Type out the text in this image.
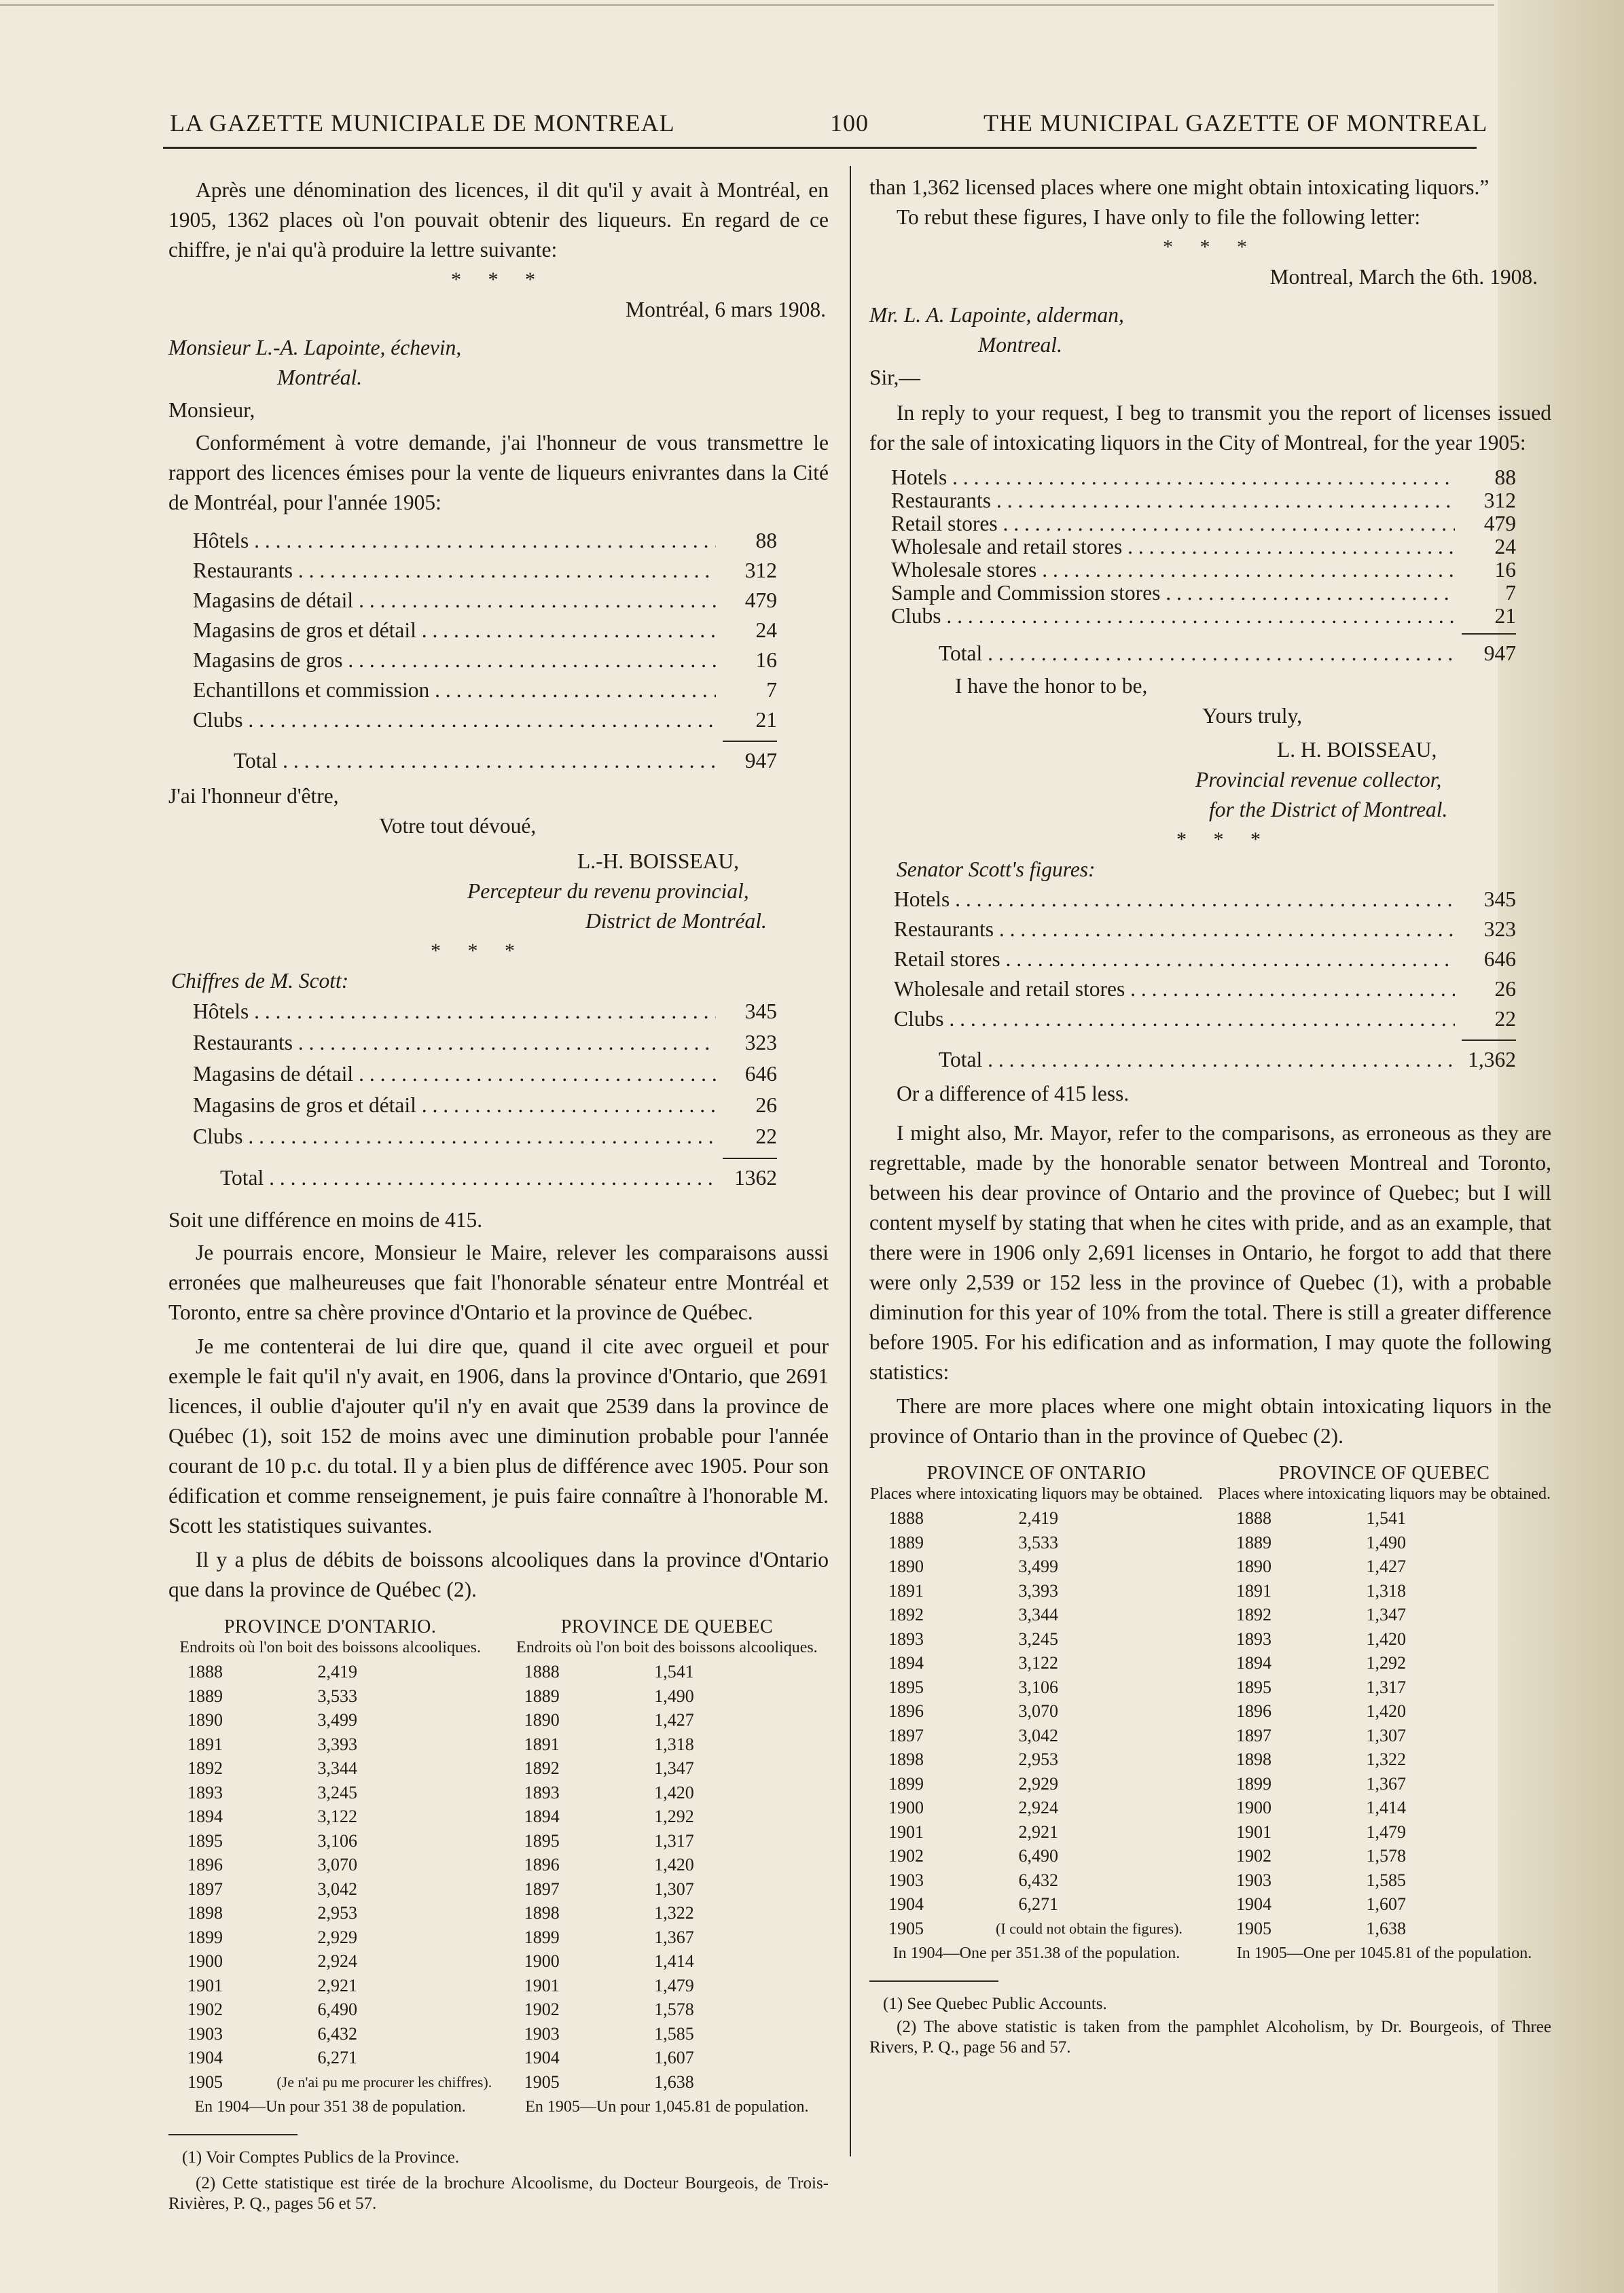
LA GAZETTE MUNICIPALE DE MONTREAL	100	THE MUNICIPAL GAZETTE OF MONTREAL

Après une dénomination des licences, il dit qu'il y avait à Montréal, en 1905, 1362 places où l'on pouvait obtenir des liqueurs. En regard de ce chiffre, je n'ai qu'à produire la lettre suivante:

* * *

Montréal, 6 mars 1908.

Monsieur L.-A. Lapointe, échevin,

Montréal.

Monsieur,

Conformément à votre demande, j'ai l'honneur de vous transmettre le rapport des licences émises pour la vente de liqueurs enivrantes dans la Cité de Montréal, pour l'année 1905:

Hôtels . . .	88
Restaurants . . .	312
Magasins de détail . . .	479
Magasins de gros et détail . . .	24
Magasins de gros . . .	16
Echantillons et commission . . .	7
Clubs . . .	21
Total . . .	947

J'ai l'honneur d'être,

Votre tout dévoué,

L.-H. BOISSEAU,

Percepteur du revenu provincial,

District de Montréal.

* * *

Chiffres de M. Scott:

Hôtels . . .	345
Restaurants . . .	323
Magasins de détail . . .	646
Magasins de gros et détail . . .	26
Clubs . . .	22
Total . . .	1362

Soit une différence en moins de 415.

Je pourrais encore, Monsieur le Maire, relever les comparaisons aussi erronées que malheureuses que fait l'honorable sénateur entre Montréal et Toronto, entre sa chère province d'Ontario et la province de Québec.

Je me contenterai de lui dire que, quand il cite avec orgueil et pour exemple le fait qu'il n'y avait, en 1906, dans la province d'Ontario, que 2691 licences, il oublie d'ajouter qu'il n'y en avait que 2539 dans la province de Québec (1), soit 152 de moins avec une diminution probable pour l'année courant de 10 p.c. du total. Il y a bien plus de différence avec 1905. Pour son édification et comme renseignement, je puis faire connaître à l'honorable M. Scott les statistiques suivantes.

Il y a plus de débits de boissons alcooliques dans la province d'Ontario que dans la province de Québec (2).

PROVINCE D'ONTARIO.
Endroits où l'on boit des boissons alcooliques.
1888	2,419
1889	3,533
1890	3,499
1891	3,393
1892	3,344
1893	3,245
1894	3,122
1895	3,106
1896	3,070
1897	3,042
1898	2,953
1899	2,929
1900	2,924
1901	2,921
1902	6,490
1903	6,432
1904	6,271
1905	(Je n'ai pu me procurer les chiffres).
En 1904—Un pour 351 38 de population.
PROVINCE DE QUEBEC
Endroits où l'on boit des boissons alcooliques.
1888	1,541
1889	1,490
1890	1,427
1891	1,318
1892	1,347
1893	1,420
1894	1,292
1895	1,317
1896	1,420
1897	1,307
1898	1,322
1899	1,367
1900	1,414
1901	1,479
1902	1,578
1903	1,585
1904	1,607
1905	1,638
En 1905—Un pour 1,045.81 de population.

(1) Voir Comptes Publics de la Province.

(2) Cette statistique est tirée de la brochure Alcoolisme, du Docteur Bourgeois, de Trois-Rivières, P. Q., pages 56 et 57.

than 1,362 licensed places where one might obtain intoxicating liquors.”

To rebut these figures, I have only to file the following letter:

* * *

Montreal, March the 6th. 1908.

Mr. L. A. Lapointe, alderman,

Montreal.

Sir,—

In reply to your request, I beg to transmit you the report of licenses issued for the sale of intoxicating liquors in the City of Montreal, for the year 1905:

Hotels . . .	88
Restaurants . . .	312
Retail stores . . .	479
Wholesale and retail stores . . .	24
Wholesale stores . . .	16
Sample and Commission stores . . .	7
Clubs . . .	21
Total . . .	947

I have the honor to be,

Yours truly,

L. H. BOISSEAU,

Provincial revenue collector,

for the District of Montreal.

* * *

Senator Scott's figures:

Hotels . . .	345
Restaurants . . .	323
Retail stores . . .	646
Wholesale and retail stores . . .	26
Clubs . . .	22
Total . . .	1,362

Or a difference of 415 less.

I might also, Mr. Mayor, refer to the comparisons, as erroneous as they are regrettable, made by the honorable senator between Montreal and Toronto, between his dear province of Ontario and the province of Quebec; but I will content myself by stating that when he cites with pride, and as an example, that there were in 1906 only 2,691 licenses in Ontario, he forgot to add that there were only 2,539 or 152 less in the province of Quebec (1), with a probable diminution for this year of 10% from the total. There is still a greater difference before 1905. For his edification and as information, I may quote the following statistics:

There are more places where one might obtain intoxicating liquors in the province of Ontario than in the province of Quebec (2).

PROVINCE OF ONTARIO
Places where intoxicating liquors may be obtained.
1888	2,419
1889	3,533
1890	3,499
1891	3,393
1892	3,344
1893	3,245
1894	3,122
1895	3,106
1896	3,070
1897	3,042
1898	2,953
1899	2,929
1900	2,924
1901	2,921
1902	6,490
1903	6,432
1904	6,271
1905	(I could not obtain the figures).
In 1904—One per 351.38 of the population.
PROVINCE OF QUEBEC
Places where intoxicating liquors may be obtained.
1888	1,541
1889	1,490
1890	1,427
1891	1,318
1892	1,347
1893	1,420
1894	1,292
1895	1,317
1896	1,420
1897	1,307
1898	1,322
1899	1,367
1900	1,414
1901	1,479
1902	1,578
1903	1,585
1904	1,607
1905	1,638
In 1905—One per 1045.81 of the population.

(1) See Quebec Public Accounts.

(2) The above statistic is taken from the pamphlet Alcoholism, by Dr. Bourgeois, of Three Rivers, P. Q., page 56 and 57.
